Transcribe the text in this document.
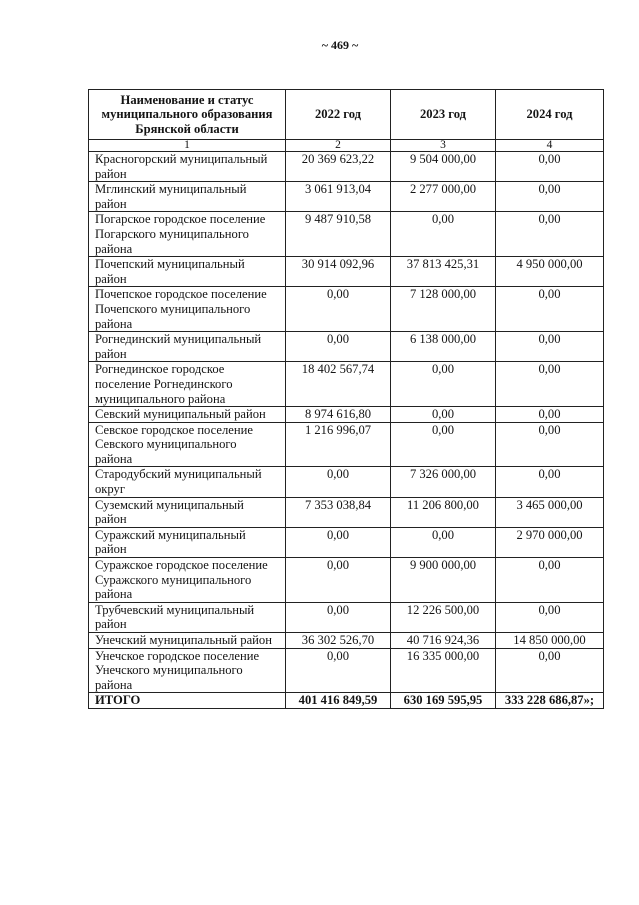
~ 469 ~
Наименование и статус
муниципального образования
Брянской области	2022 год	2023 год	2024 год
1	2	3	4
Красногорский муниципальный
район	20 369 623,22	9 504 000,00	0,00
Мглинский муниципальный
район	3 061 913,04	2 277 000,00	0,00
Погарское городское поселение
Погарского муниципального
района	9 487 910,58	0,00	0,00
Почепский муниципальный
район	30 914 092,96	37 813 425,31	4 950 000,00
Почепское городское поселение
Почепского муниципального
района	0,00	7 128 000,00	0,00
Рогнединский муниципальный
район	0,00	6 138 000,00	0,00
Рогнединское городское
поселение Рогнединского
муниципального района	18 402 567,74	0,00	0,00
Севский муниципальный район	8 974 616,80	0,00	0,00
Севское городское поселение
Севского муниципального
района	1 216 996,07	0,00	0,00
Стародубский муниципальный
округ	0,00	7 326 000,00	0,00
Суземский муниципальный
район	7 353 038,84	11 206 800,00	3 465 000,00
Суражский муниципальный
район	0,00	0,00	2 970 000,00
Суражское городское поселение
Суражского муниципального
района	0,00	9 900 000,00	0,00
Трубчевский муниципальный
район	0,00	12 226 500,00	0,00
Унечский муниципальный район	36 302 526,70	40 716 924,36	14 850 000,00
Унечское городское поселение
Унечского муниципального
района	0,00	16 335 000,00	0,00
ИТОГО	401 416 849,59	630 169 595,95	333 228 686,87»;
